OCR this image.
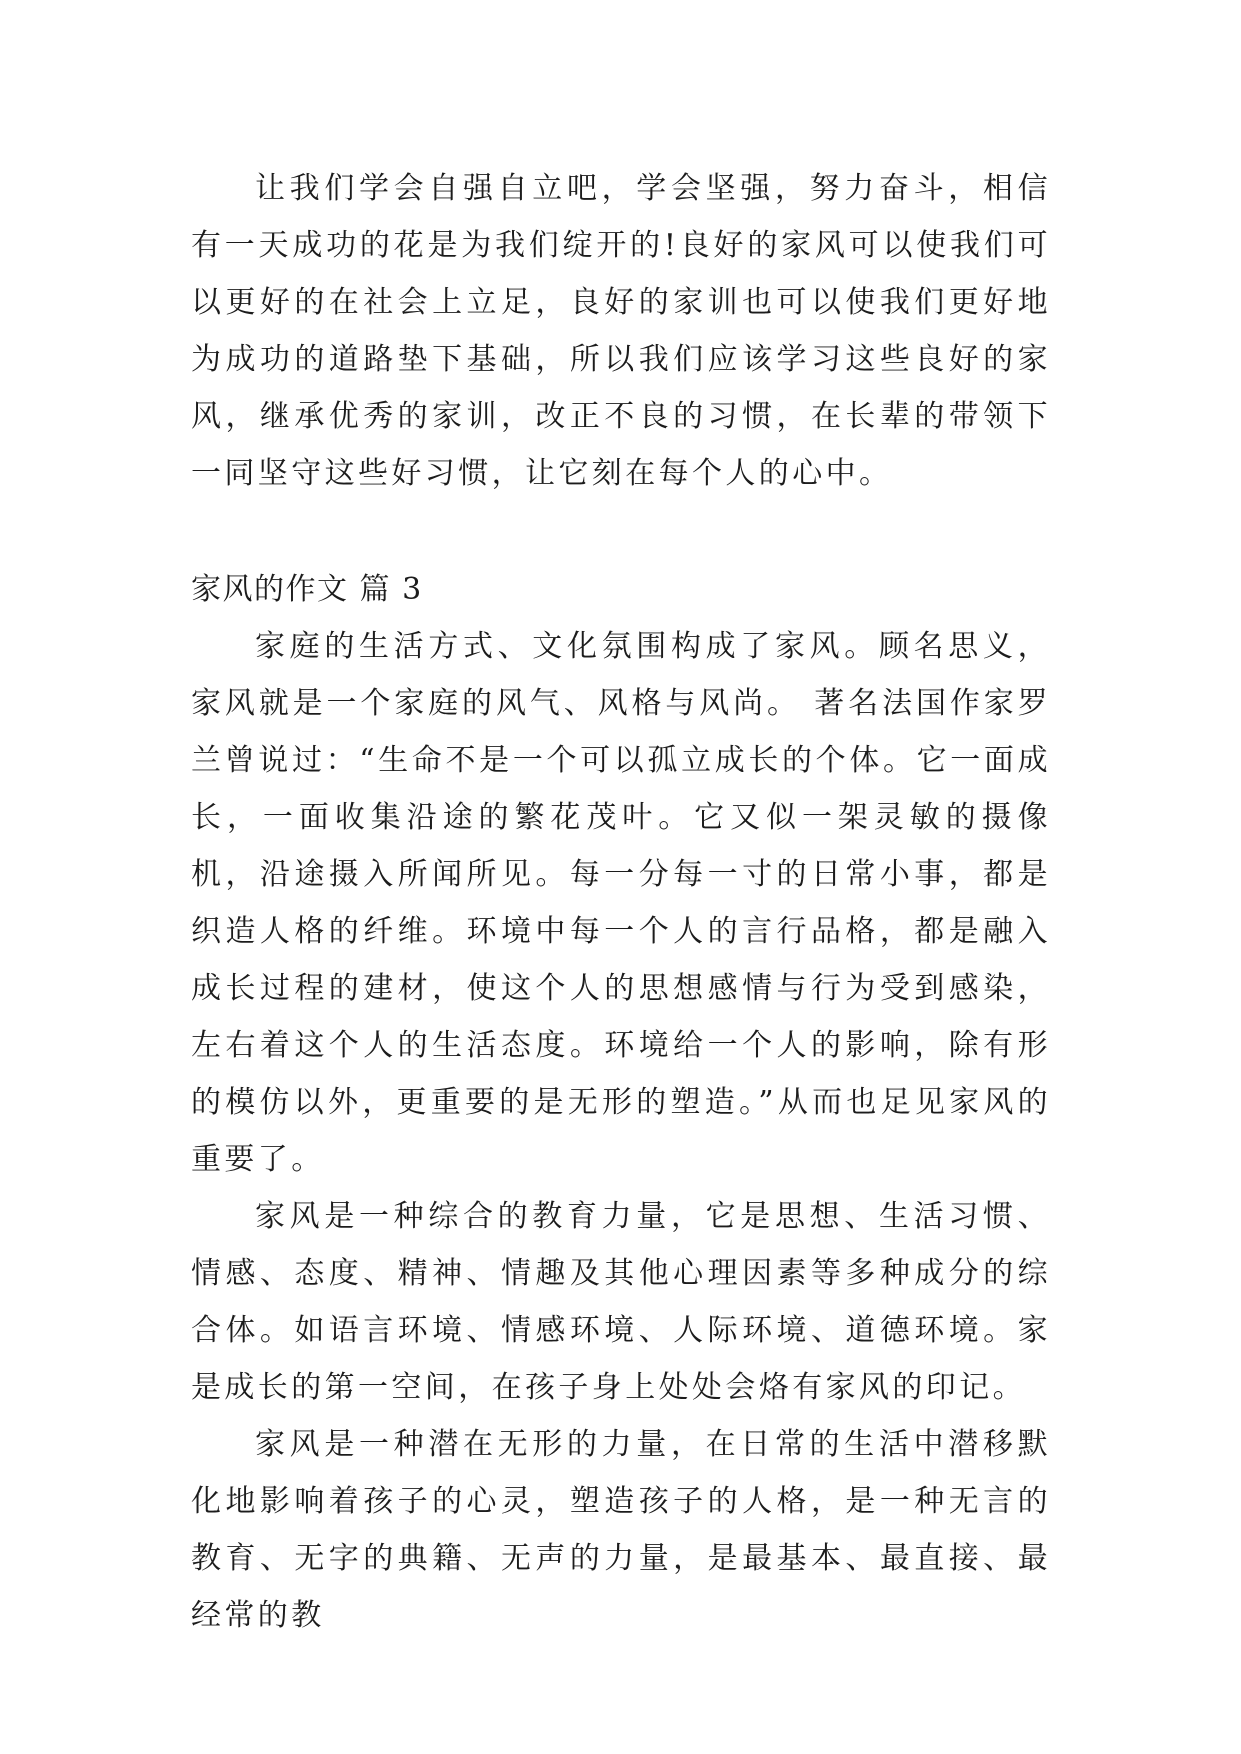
让我们学会自强自立吧，学会坚强，努力奋斗，相信有一天成功的花是为我们绽开的!良好的家风可以使我们可以更好的在社会上立足，良好的家训也可以使我们更好地为成功的道路垫下基础，所以我们应该学习这些良好的家风，继承优秀的家训，改正不良的习惯，在长辈的带领下一同坚守这些好习惯，让它刻在每个人的心中。

家风的作文 篇 3

家庭的生活方式、文化氛围构成了家风。顾名思义，家风就是一个家庭的风气、风格与风尚。 著名法国作家罗兰曾说过：“生命不是一个可以孤立成长的个体。它一面成长，一面收集沿途的繁花茂叶。它又似一架灵敏的摄像机，沿途摄入所闻所见。每一分每一寸的日常小事，都是织造人格的纤维。环境中每一个人的言行品格，都是融入成长过程的建材，使这个人的思想感情与行为受到感染，左右着这个人的生活态度。环境给一个人的影响，除有形的模仿以外，更重要的是无形的塑造。”从而也足见家风的重要了。

家风是一种综合的教育力量，它是思想、生活习惯、情感、态度、精神、情趣及其他心理因素等多种成分的综合体。如语言环境、情感环境、人际环境、道德环境。家是成长的第一空间，在孩子身上处处会烙有家风的印记。

家风是一种潜在无形的力量，在日常的生活中潜移默化地影响着孩子的心灵，塑造孩子的人格，是一种无言的教育、无字的典籍、无声的力量，是最基本、最直接、最经常的教
